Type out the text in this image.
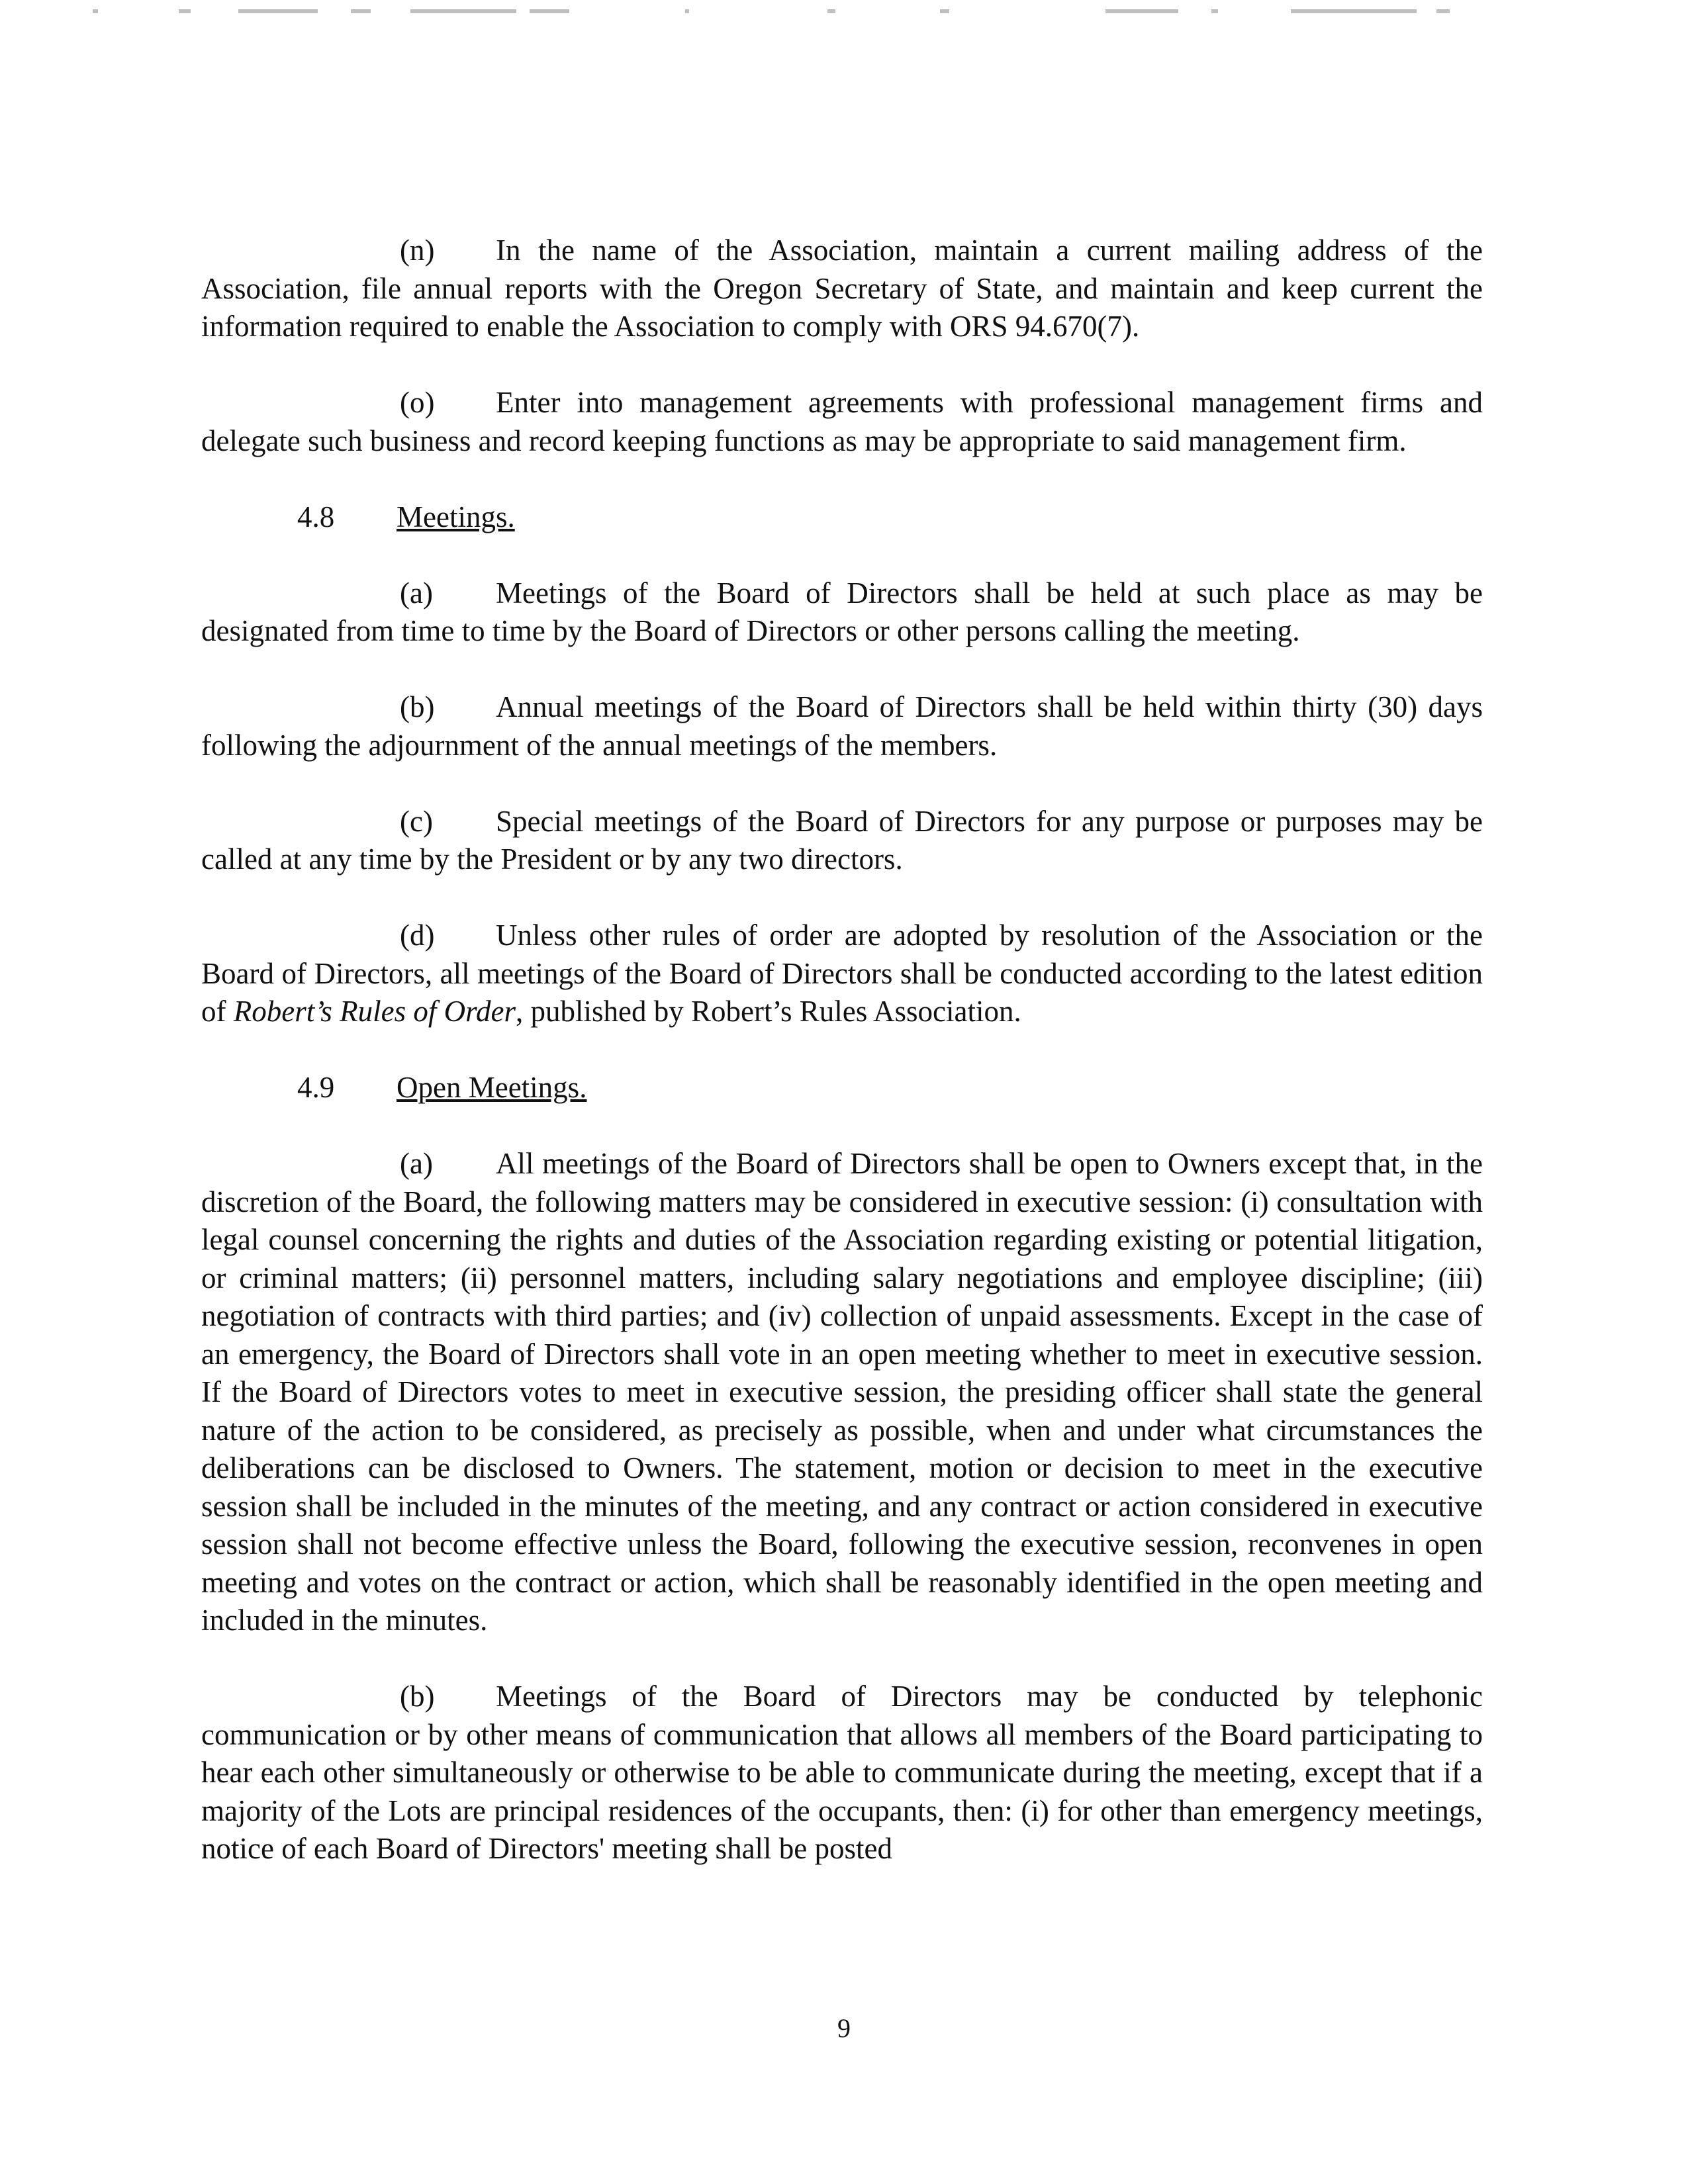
(n) In the name of the Association, maintain a current mailing address of the Association, file annual reports with the Oregon Secretary of State, and maintain and keep current the information required to enable the Association to comply with ORS 94.670(7).

(o) Enter into management agreements with professional management firms and delegate such business and record keeping functions as may be appropriate to said management firm.

4.8 Meetings.

(a) Meetings of the Board of Directors shall be held at such place as may be designated from time to time by the Board of Directors or other persons calling the meeting.

(b) Annual meetings of the Board of Directors shall be held within thirty (30) days following the adjournment of the annual meetings of the members.

(c) Special meetings of the Board of Directors for any purpose or purposes may be called at any time by the President or by any two directors.

(d) Unless other rules of order are adopted by resolution of the Association or the Board of Directors, all meetings of the Board of Directors shall be conducted according to the latest edition of Robert’s Rules of Order, published by Robert’s Rules Association.

4.9 Open Meetings.

(a) All meetings of the Board of Directors shall be open to Owners except that, in the discretion of the Board, the following matters may be considered in executive session: (i) consultation with legal counsel concerning the rights and duties of the Association regarding existing or potential litigation, or criminal matters; (ii) personnel matters, including salary negotiations and employee discipline; (iii) negotiation of contracts with third parties; and (iv) collection of unpaid assessments. Except in the case of an emergency, the Board of Directors shall vote in an open meeting whether to meet in executive session. If the Board of Directors votes to meet in executive session, the presiding officer shall state the general nature of the action to be considered, as precisely as possible, when and under what circumstances the deliberations can be disclosed to Owners. The statement, motion or decision to meet in the executive session shall be included in the minutes of the meeting, and any contract or action considered in executive session shall not become effective unless the Board, following the executive session, reconvenes in open meeting and votes on the contract or action, which shall be reasonably identified in the open meeting and included in the minutes.

(b) Meetings of the Board of Directors may be conducted by telephonic communication or by other means of communication that allows all members of the Board participating to hear each other simultaneously or otherwise to be able to communicate during the meeting, except that if a majority of the Lots are principal residences of the occupants, then: (i) for other than emergency meetings, notice of each Board of Directors' meeting shall be posted

9
